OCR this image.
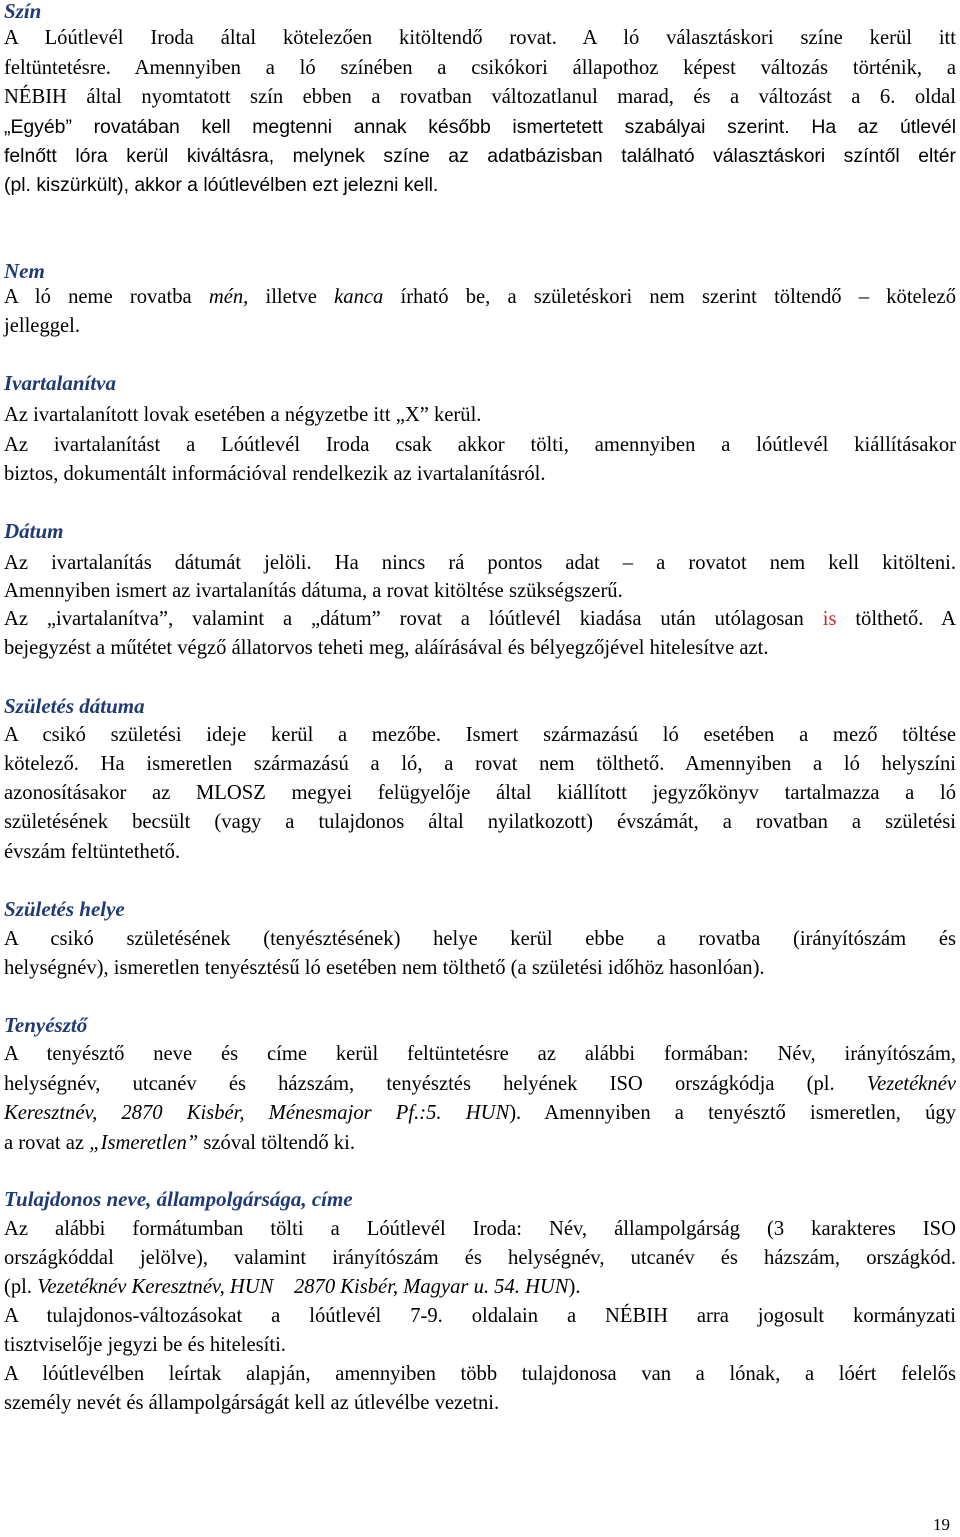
Szín
A Lóútlevél Iroda által kötelezően kitöltendő rovat. A ló választáskori színe kerül itt
feltüntetésre. Amennyiben a ló színében a csikókori állapothoz képest változás történik, a
NÉBIH által nyomtatott szín ebben a rovatban változatlanul marad, és a változást a 6. oldal
„Egyéb” rovatában kell megtenni annak később ismertetett szabályai szerint. Ha az útlevél
felnőtt lóra kerül kiváltásra, melynek színe az adatbázisban található választáskori színtől eltér
(pl. kiszürkült), akkor a lóútlevélben ezt jelezni kell.
Nem
A ló neme rovatba mén, illetve kanca írható be, a születéskori nem szerint töltendő – kötelező
jelleggel.
Ivartalanítva
Az ivartalanított lovak esetében a négyzetbe itt „X” kerül.
Az ivartalanítást a Lóútlevél Iroda csak akkor tölti, amennyiben a lóútlevél kiállításakor
biztos, dokumentált információval rendelkezik az ivartalanításról.
Dátum
Az ivartalanítás dátumát jelöli. Ha nincs rá pontos adat – a rovatot nem kell kitölteni.
Amennyiben ismert az ivartalanítás dátuma, a rovat kitöltése szükségszerű.
Az „ivartalanítva”, valamint a „dátum” rovat a lóútlevél kiadása után utólagosan is tölthető. A
bejegyzést a műtétet végző állatorvos teheti meg, aláírásával és bélyegzőjével hitelesítve azt.
Születés dátuma
A csikó születési ideje kerül a mezőbe. Ismert származású ló esetében a mező töltése
kötelező. Ha ismeretlen származású a ló, a rovat nem tölthető. Amennyiben a ló helyszíni
azonosításakor az MLOSZ megyei felügyelője által kiállított jegyzőkönyv tartalmazza a ló
születésének becsült (vagy a tulajdonos által nyilatkozott) évszámát, a rovatban a születési
évszám feltüntethető.
Születés helye
A csikó születésének (tenyésztésének) helye kerül ebbe a rovatba (irányítószám és
helységnév), ismeretlen tenyésztésű ló esetében nem tölthető (a születési időhöz hasonlóan).
Tenyésztő
A tenyésztő neve és címe kerül feltüntetésre az alábbi formában: Név, irányítószám,
helységnév, utcanév és házszám, tenyésztés helyének ISO országkódja (pl. Vezetéknév
Keresztnév, 2870 Kisbér, Ménesmajor Pf.:5. HUN). Amennyiben a tenyésztő ismeretlen, úgy
a rovat az „Ismeretlen” szóval töltendő ki.
Tulajdonos neve, állampolgársága, címe
Az alábbi formátumban tölti a Lóútlevél Iroda: Név, állampolgárság (3 karakteres ISO
országkóddal jelölve), valamint irányítószám és helységnév, utcanév és házszám, országkód.
(pl. Vezetéknév Keresztnév, HUN    2870 Kisbér, Magyar u. 54. HUN).
A tulajdonos-változásokat a lóútlevél 7-9. oldalain a NÉBIH arra jogosult kormányzati
tisztviselője jegyzi be és hitelesíti.
A lóútlevélben leírtak alapján, amennyiben több tulajdonosa van a lónak, a lóért felelős
személy nevét és állampolgárságát kell az útlevélbe vezetni.
19
